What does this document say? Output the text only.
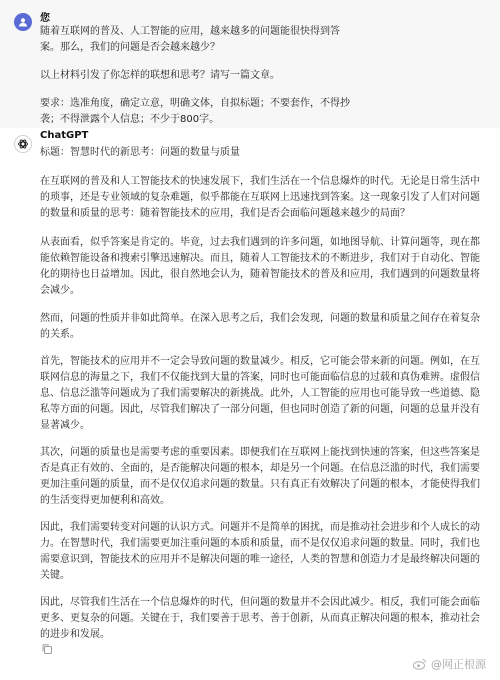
您
随着互联网的普及、人工智能的应用，越来越多的问题能很快得到答
案。那么，我们的问题是否会越来越少？
以上材料引发了你怎样的联想和思考？请写一篇文章。
要求：选准角度，确定立意，明确文体，自拟标题；不要套作，不得抄
袭；不得泄露个人信息；不少于800字。
ChatGPT
标题：智慧时代的新思考：问题的数量与质量
在互联网的普及和人工智能技术的快速发展下，我们生活在一个信息爆炸的时代。无论是日常生活中
的琐事，还是专业领域的复杂难题，似乎都能在互联网上迅速找到答案。这一现象引发了人们对问题
的数量和质量的思考：随着智能技术的应用，我们是否会面临问题越来越少的局面？
从表面看，似乎答案是肯定的。毕竟，过去我们遇到的许多问题，如地图导航、计算问题等，现在都
能依赖智能设备和搜索引擎迅速解决。而且，随着人工智能技术的不断进步，我们对于自动化、智能
化的期待也日益增加。因此，很自然地会认为，随着智能技术的普及和应用，我们遇到的问题数量将
会减少。
然而，问题的性质并非如此简单。在深入思考之后，我们会发现，问题的数量和质量之间存在着复杂
的关系。
首先，智能技术的应用并不一定会导致问题的数量减少。相反，它可能会带来新的问题。例如，在互
联网信息的海量之下，我们不仅能找到大量的答案，同时也可能面临信息的过载和真伪难辨。虚假信
息、信息泛滥等问题成为了我们需要解决的新挑战。此外，人工智能的应用也可能导致一些道德、隐
私等方面的问题。因此，尽管我们解决了一部分问题，但也同时创造了新的问题，问题的总量并没有
显著减少。
其次，问题的质量也是需要考虑的重要因素。即便我们在互联网上能找到快速的答案，但这些答案是
否是真正有效的、全面的，是否能解决问题的根本，却是另一个问题。在信息泛滥的时代，我们需要
更加注重问题的质量，而不是仅仅追求问题的数量。只有真正有效解决了问题的根本，才能使得我们
的生活变得更加便利和高效。
因此，我们需要转变对问题的认识方式。问题并不是简单的困扰，而是推动社会进步和个人成长的动
力。在智慧时代，我们需要更加注重问题的本质和质量，而不是仅仅追求问题的数量。同时，我们也
需要意识到，智能技术的应用并不是解决问题的唯一途径，人类的智慧和创造力才是最终解决问题的
关键。
因此，尽管我们生活在一个信息爆炸的时代，但问题的数量并不会因此减少。相反，我们可能会面临
更多、更复杂的问题。关键在于，我们要善于思考、善于创新，从而真正解决问题的根本，推动社会
的进步和发展。
@网正根源
